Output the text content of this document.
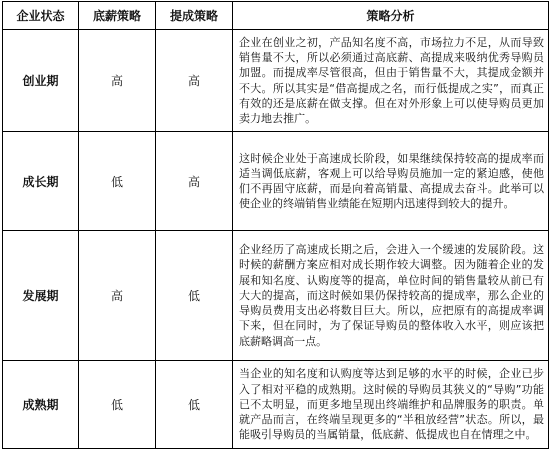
企业状态	底薪策略	提成策略	策略分析
创业期	高	高	企业在创业之初，产品知名度不高，市场拉力不足，从而导致销售量不大，所以必须通过高底薪、高提成来吸纳优秀导购员加盟。而提成率尽管很高，但由于销售量不大，其提成金额并不大。所以其实是“借高提成之名，而行低提成之实”，而真正有效的还是底薪在做支撑。但在对外形象上可以使导购员更加卖力地去推广。
成长期	低	高	这时候企业处于高速成长阶段，如果继续保持较高的提成率而适当调低底薪，客观上可以给导购员施加一定的紧迫感，使他们不再固守底薪，而是向着高销量、高提成去奋斗。此举可以使企业的终端销售业绩能在短期内迅速得到较大的提升。
发展期	高	低	企业经历了高速成长期之后，会进入一个缓速的发展阶段。这时候的薪酬方案应相对成长期作较大调整。因为随着企业的发展和知名度、认购度等的提高，单位时间的销售量较从前已有大大的提高，而这时候如果仍保持较高的提成率，那么企业的导购员费用支出必将数目巨大。所以，应把原有的高提成率调下来，但在同时，为了保证导购员的整体收入水平，则应该把底薪略调高一点。
成熟期	低	低	当企业的知名度和认购度等达到足够的水平的时候，企业已步入了相对平稳的成熟期。这时候的导购员其狭义的“导购”功能已不太明显，而更多地呈现出终端维护和品牌服务的职责。单就产品而言，在终端呈现更多的“半租放经营”状态。所以，最能吸引导购员的当属销量，低底薪、低提成也自在情理之中。
